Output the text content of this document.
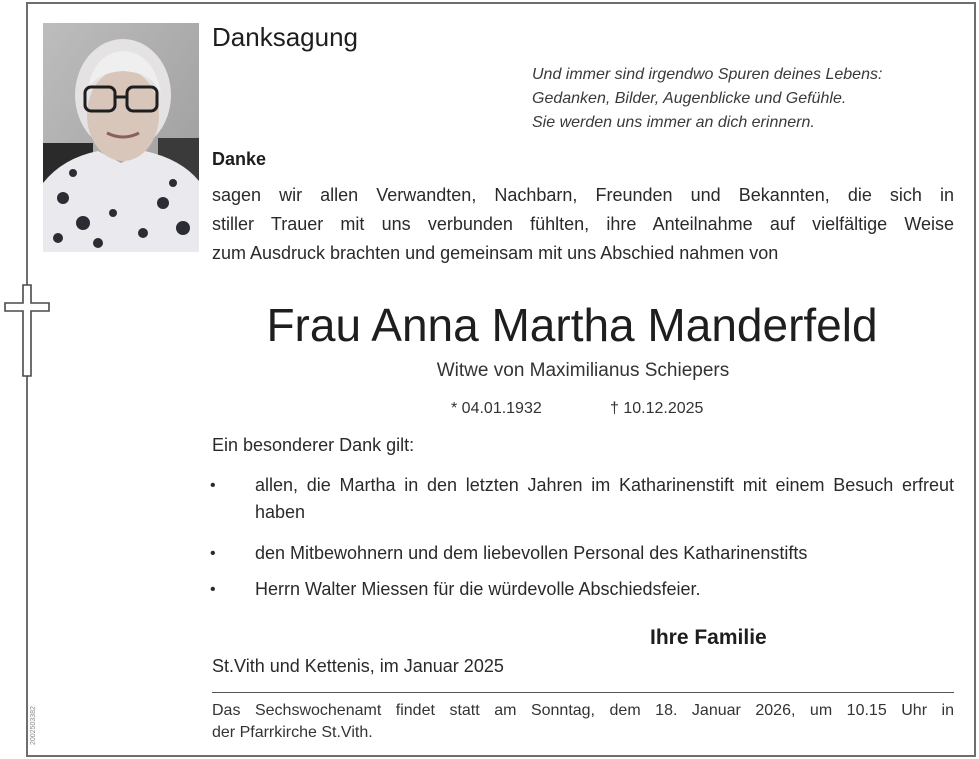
Danksagung
Und immer sind irgendwo Spuren deines Lebens:
Gedanken, Bilder, Augenblicke und Gefühle.
Sie werden uns immer an dich erinnern.
Danke
sagen wir allen Verwandten, Nachbarn, Freunden und Bekannten, die sich in
stiller Trauer mit uns verbunden fühlten, ihre Anteilnahme auf vielfältige Weise
zum Ausdruck brachten und gemeinsam mit uns Abschied nahmen von
Frau Anna Martha Manderfeld
Witwe von Maximilianus Schiepers
* 04.01.1932	† 10.12.2025
Ein besonderer Dank gilt:
• allen, die Martha in den letzten Jahren im Katharinenstift mit einem Besuch erfreut haben
• den Mitbewohnern und dem liebevollen Personal des Katharinenstifts
• Herrn Walter Miessen für die würdevolle Abschiedsfeier.
Ihre Familie
St.Vith und Kettenis, im Januar 2025
Das Sechswochenamt findet statt am Sonntag, dem 18. Januar 2026, um 10.15 Uhr in
der Pfarrkirche St.Vith.
2002503382
